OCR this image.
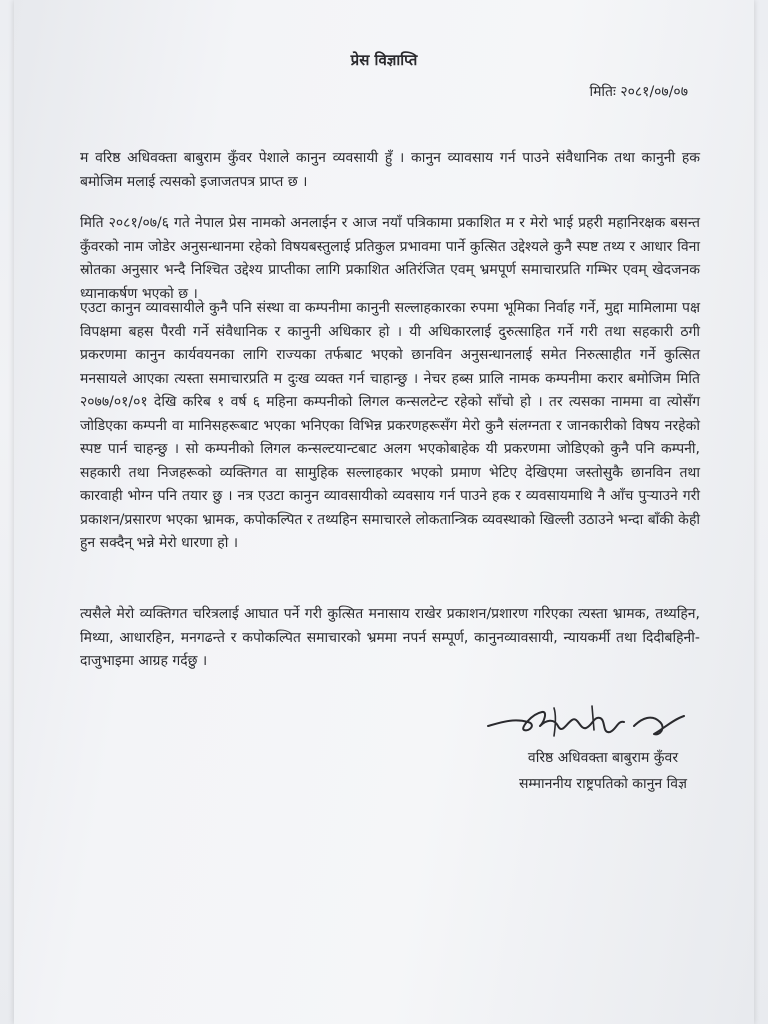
प्रेस विज्ञाप्ति
मितिः २०८१/०७/०७

म वरिष्ठ अधिवक्ता बाबुराम कुँवर पेशाले कानुन व्यवसायी हुँ । कानुन व्यावसाय गर्न पाउने संवैधानिक तथा कानुनी हक बमोजिम मलाई त्यसको इजाजतपत्र प्राप्त छ ।

मिति २०८१/०७/६ गते नेपाल प्रेस नामको अनलाईन र आज नयाँ पत्रिकामा प्रकाशित म र मेरो भाई प्रहरी महानिरक्षक बसन्त कुँवरको नाम जोडेर अनुसन्धानमा रहेको विषयबस्तुलाई प्रतिकुल प्रभावमा पार्ने कुत्सित उद्देश्यले कुनै स्पष्ट तथ्य र आधार विना स्रोतका अनुसार भन्दै निश्चित उद्देश्य प्राप्तीका लागि प्रकाशित अतिरंजित एवम् भ्रमपूर्ण समाचारप्रति गम्भिर एवम् खेदजनक ध्यानाकर्षण भएको छ ।

एउटा कानुन व्यावसायीले कुनै पनि संस्था वा कम्पनीमा कानुनी सल्लाहकारका रुपमा भूमिका निर्वाह गर्ने, मुद्दा मामिलामा पक्ष विपक्षमा बहस पैरवी गर्ने संवैधानिक र कानुनी अधिकार हो । यी अधिकारलाई दुरुत्साहित गर्ने गरी तथा सहकारी ठगी प्रकरणमा कानुन कार्यवयनका लागि राज्यका तर्फबाट भएको छानविन अनुसन्धानलाई समेत निरुत्साहीत गर्ने कुत्सित मनसायले आएका त्यस्ता समाचारप्रति म दुःख व्यक्त गर्न चाहान्छु । नेचर हब्स प्रालि नामक कम्पनीमा करार बमोजिम मिति २०७७/०१/०१ देखि करिब १ वर्ष ६ महिना कम्पनीको लिगल कन्सलटेन्ट रहेको साँचो हो । तर त्यसका नाममा वा त्योसँग जोडिएका कम्पनी वा मानिसहरूबाट भएका भनिएका विभिन्न प्रकरणहरूसँग मेरो कुनै संलग्नता र जानकारीको विषय नरहेको स्पष्ट पार्न चाहन्छु । सो कम्पनीको लिगल कन्सल्टयान्टबाट अलग भएकोबाहेक यी प्रकरणमा जोडिएको कुनै पनि कम्पनी, सहकारी तथा निजहरूको व्यक्तिगत वा सामुहिक सल्लाहकार भएको प्रमाण भेटिए देखिएमा जस्तोसुकै छानविन तथा कारवाही भोग्न पनि तयार छु । नत्र एउटा कानुन व्यावसायीको व्यवसाय गर्न पाउने हक र व्यवसायमाथि नै आँच पुऱ्याउने गरी प्रकाशन/प्रसारण भएका भ्रामक, कपोकल्पित र तथ्यहिन समाचारले लोकतान्त्रिक व्यवस्थाको खिल्ली उठाउने भन्दा बाँकी केही हुन सक्दैन् भन्ने मेरो धारणा हो ।

त्यसैले मेरो व्यक्तिगत चरित्रलाई आघात पर्ने गरी कुत्सित मनासाय राखेर प्रकाशन/प्रशारण गरिएका त्यस्ता भ्रामक, तथ्यहिन, मिथ्या, आधारहिन, मनगढन्ते र कपोकल्पित समाचारको भ्रममा नपर्न सम्पूर्ण, कानुनव्यावसायी, न्यायकर्मी तथा दिदीबहिनी-दाजुभाइमा आग्रह गर्दछु ।

वरिष्ठ अधिवक्ता बाबुराम कुँवर
सम्माननीय राष्ट्रपतिको कानुन विज्ञ
